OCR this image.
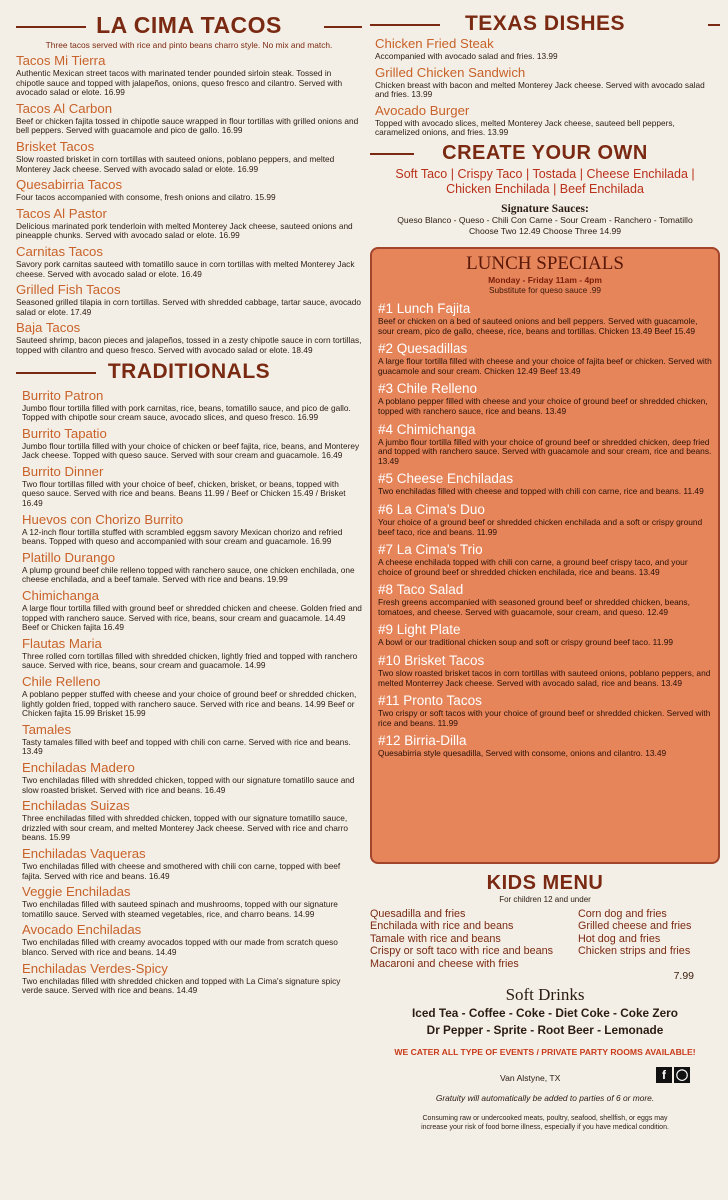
LA CIMA TACOS
Three tacos served with rice and pinto beans charro style. No mix and match.
Tacos Mi Tierra
Authentic Mexican street tacos with marinated tender pounded sirloin steak. Tossed in chipotle sauce and topped with jalapeños, onions, queso fresco and cilantro. Served with avocado salad or elote. 16.99
Tacos Al Carbon
Beef or chicken fajita tossed in chipotle sauce wrapped in flour tortillas with grilled onions and bell peppers. Served with guacamole and pico de gallo. 16.99
Brisket Tacos
Slow roasted brisket in corn tortillas with sauteed onions, poblano peppers, and melted Monterey Jack cheese. Served with avocado salad or elote. 16.99
Quesabirria Tacos
Four tacos accompanied with consome, fresh onions and cilatro. 15.99
Tacos Al Pastor
Delicious marinated pork tenderloin with melted Monterey Jack cheese, sauteed onions and pineapple chunks. Served with avocado salad or elote. 16.99
Carnitas Tacos
Savory pork carnitas sauteed with tomatillo sauce in corn tortillas with melted Monterey Jack cheese. Served with avocado salad or elote. 16.49
Grilled Fish Tacos
Seasoned grilled tilapia in corn tortillas. Served with shredded cabbage, tartar sauce, avocado salad or elote. 17.49
Baja Tacos
Sauteed shrimp, bacon pieces and jalapeños, tossed in a zesty chipotle sauce in corn tortillas, topped with cilantro and queso fresco. Served with avocado salad or elote. 18.49
TRADITIONALS
Burrito Patron
Jumbo flour tortilla filled with pork carnitas, rice, beans, tomatillo sauce, and pico de gallo. Topped with chipotle sour cream sauce, avocado slices, and queso fresco. 16.99
Burrito Tapatio
Jumbo flour tortilla filled with your choice of chicken or beef fajita, rice, beans, and Monterey Jack cheese. Topped with queso sauce. Served with sour cream and guacamole. 16.49
Burrito Dinner
Two flour tortillas filled with your choice of beef, chicken, brisket, or beans, topped with queso sauce. Served with rice and beans. Beans 11.99 / Beef or Chicken 15.49 / Brisket 16.49
Huevos con Chorizo Burrito
A 12-inch flour tortilla stuffed with scrambled eggsm savory Mexican chorizo and refried beans. Topped with queso and accompanied with sour cream and guacamole. 16.99
Platillo Durango
A plump ground beef chile relleno topped with ranchero sauce, one chicken enchilada, one cheese enchilada, and a beef tamale. Served with rice and beans. 19.99
Chimichanga
A large flour tortilla filled with ground beef or shredded chicken and cheese. Golden fried and topped with ranchero sauce. Served with rice, beans, sour cream and guacamole. 14.49 Beef or Chicken fajita 16.49
Flautas Maria
Three rolled corn tortillas filled with shredded chicken, lightly fried and topped with ranchero sauce. Served with rice, beans, sour cream and guacamole. 14.99
Chile Relleno
A poblano pepper stuffed with cheese and your choice of ground beef or shredded chicken, lightly golden fried, topped with ranchero sauce. Served with rice and beans. 14.99 Beef or Chicken fajita 15.99 Brisket 15.99
Tamales
Tasty tamales filled with beef and topped with chili con carne. Served with rice and beans. 13.49
Enchiladas Madero
Two enchiladas filled with shredded chicken, topped with our signature tomatillo sauce and slow roasted brisket. Served with rice and beans. 16.49
Enchiladas Suizas
Three enchiladas filled with shredded chicken, topped with our signature tomatillo sauce, drizzled with sour cream, and melted Monterey Jack cheese. Served with rice and charro beans. 15.99
Enchiladas Vaqueras
Two enchiladas filled with cheese and smothered with chili con carne, topped with beef fajita. Served with rice and beans. 16.49
Veggie Enchiladas
Two enchiladas filled with sauteed spinach and mushrooms, topped with our signature tomatillo sauce. Served with steamed vegetables, rice, and charro beans. 14.99
Avocado Enchiladas
Two enchiladas filled with creamy avocados topped with our made from scratch queso blanco. Served with rice and beans. 14.49
Enchiladas Verdes-Spicy
Two enchiladas filled with shredded chicken and topped with La Cima's signature spicy verde sauce. Served with rice and beans. 14.49
TEXAS DISHES
Chicken Fried Steak
Accompanied with avocado salad and fries. 13.99
Grilled Chicken Sandwich
Chicken breast with bacon and melted Monterey Jack cheese. Served with avocado salad and fries. 13.99
Avocado Burger
Topped with avocado slices, melted Monterey Jack cheese, sauteed bell peppers, caramelized onions, and fries. 13.99
CREATE YOUR OWN
Soft Taco | Crispy Taco | Tostada | Cheese Enchilada |
Chicken Enchilada | Beef Enchilada
Signature Sauces:
Queso Blanco - Queso - Chili Con Carne - Sour Cream - Ranchero - Tomatillo
Choose Two 12.49 Choose Three 14.99
LUNCH SPECIALS
Monday - Friday 11am - 4pm
Substitute for queso sauce .99
#1 Lunch Fajita
Beef or chicken on a bed of sauteed onions and bell peppers. Served with guacamole, sour cream, pico de gallo, cheese, rice, beans and tortillas. Chicken 13.49 Beef 15.49
#2 Quesadillas
A large flour tortilla filled with cheese and your choice of fajita beef or chicken. Served with guacamole and sour cream. Chicken 12.49 Beef 13.49
#3 Chile Relleno
A poblano pepper filled with cheese and your choice of ground beef or shredded chicken, topped with ranchero sauce, rice and beans. 13.49
#4 Chimichanga
A jumbo flour tortilla filled with your choice of ground beef or shredded chicken, deep fried and topped with ranchero sauce. Served with guacamole and sour cream, rice and beans. 13.49
#5 Cheese Enchiladas
Two enchiladas filled with cheese and topped with chili con carne, rice and beans. 11.49
#6 La Cima's Duo
Your choice of a ground beef or shredded chicken enchilada and a soft or crispy ground beef taco, rice and beans. 11.99
#7 La Cima's Trio
A cheese enchilada topped with chili con carne, a ground beef crispy taco, and your choice of ground beef or shredded chicken enchilada, rice and beans. 13.49
#8 Taco Salad
Fresh greens accompanied with seasoned ground beef or shredded chicken, beans, tomatoes, and cheese. Served with guacamole, sour cream, and queso. 12.49
#9 Light Plate
A bowl or our traditional chicken soup and soft or crispy ground beef taco. 11.99
#10 Brisket Tacos
Two slow roasted brisket tacos in corn tortillas with sauteed onions, poblano peppers, and melted Monterrey Jack cheese. Served with avocado salad, rice and beans. 13.49
#11 Pronto Tacos
Two crispy or soft tacos with your choice of ground beef or shredded chicken. Served with rice and beans. 11.99
#12 Birria-Dilla
Quesabirria style quesadilla, Served with consome, onions and cilantro. 13.49
KIDS MENU
For children 12 and under
Quesadilla and fries
Enchilada with rice and beans
Tamale with rice and beans
Crispy or soft taco with rice and beans
Macaroni and cheese with fries
Corn dog and fries
Grilled cheese and fries
Hot dog and fries
Chicken strips and fries
7.99
Soft Drinks
Iced Tea - Coffee - Coke - Diet Coke - Coke Zero
Dr Pepper - Sprite - Root Beer - Lemonade
WE CATER ALL TYPE OF EVENTS / PRIVATE PARTY ROOMS AVAILABLE!
Van Alstyne, TX	f ◯
Gratuity will automatically be added to parties of 6 or more.
Consuming raw or undercooked meats, poultry, seafood, shellfish, or eggs may increase your risk of food borne illness, especially if you have medical condition.
